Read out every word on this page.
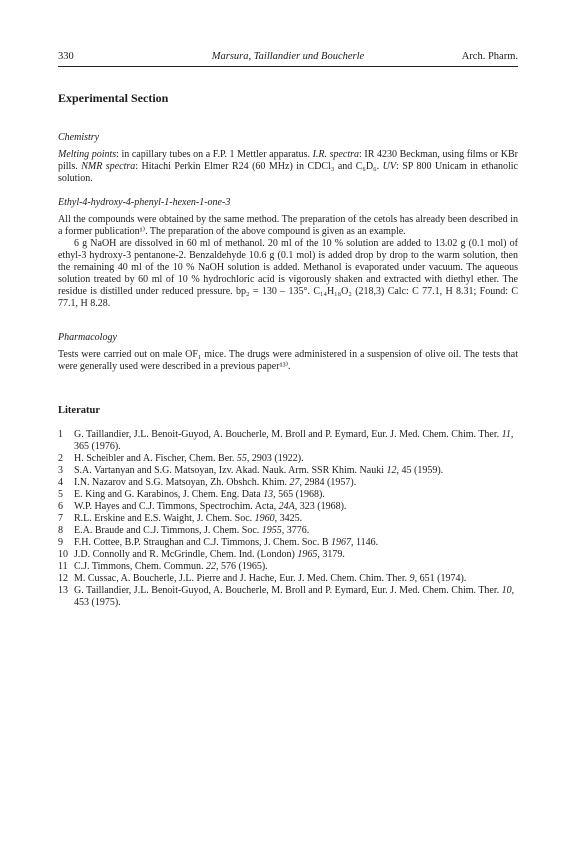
330	Marsura, Taillandier und Boucherle	Arch. Pharm.
Experimental Section

Chemistry

Melting points: in capillary tubes on a F.P. 1 Mettler apparatus. I.R. spectra: IR 4230 Beckman, using films or KBr pills. NMR spectra: Hitachi Perkin Elmer R24 (60 MHz) in CDCl₃ and C₆D₆. UV: SP 800 Unicam in ethanolic solution.

Ethyl-4-hydroxy-4-phenyl-1-hexen-1-one-3

All the compounds were obtained by the same method. The preparation of the cetols has already been described in a former publication¹⁾. The preparation of the above compound is given as an example.

6 g NaOH are dissolved in 60 ml of methanol. 20 ml of the 10 % solution are added to 13.02 g (0.1 mol) of ethyl-3 hydroxy-3 pentanone-2. Benzaldehyde 10.6 g (0.1 mol) is added drop by drop to the warm solution, then the remaining 40 ml of the 10 % NaOH solution is added. Methanol is evaporated under vacuum. The aqueous solution treated by 60 ml of 10 % hydrochloric acid is vigorously shaken and extracted with diethyl ether. The residue is distilled under reduced pressure. bp₂ = 130 – 135°. C₁₄H₁₈O₂ (218,3) Calc: C 77.1, H 8.31; Found: C 77.1, H 8.28.

Pharmacology

Tests were carried out on male OF₁ mice. The drugs were administered in a suspension of olive oil. The tests that were generally used were described in a previous paper¹³⁾.

Literatur
1	G. Taillandier, J.L. Benoit-Guyod, A. Boucherle, M. Broll and P. Eymard, Eur. J. Med. Chem. Chim. Ther. 11, 365 (1976).
2	H. Scheibler and A. Fischer, Chem. Ber. 55, 2903 (1922).
3	S.A. Vartanyan and S.G. Matsoyan, Izv. Akad. Nauk. Arm. SSR Khim. Nauki 12, 45 (1959).
4	I.N. Nazarov and S.G. Matsoyan, Zh. Obshch. Khim. 27, 2984 (1957).
5	E. King and G. Karabinos, J. Chem. Eng. Data 13, 565 (1968).
6	W.P. Hayes and C.J. Timmons, Spectrochim. Acta, 24A, 323 (1968).
7	R.L. Erskine and E.S. Waight, J. Chem. Soc. 1960, 3425.
8	E.A. Braude and C.J. Timmons, J. Chem. Soc. 1955, 3776.
9	F.H. Cottee, B.P. Straughan and C.J. Timmons, J. Chem. Soc. B 1967, 1146.
10 J.D. Connolly and R. McGrindle, Chem. Ind. (London) 1965, 3179.
11 C.J. Timmons, Chem. Commun. 22, 576 (1965).
12 M. Cussac, A. Boucherle, J.L. Pierre and J. Hache, Eur. J. Med. Chem. Chim. Ther. 9, 651 (1974).
13 G. Taillandier, J.L. Benoit-Guyod, A. Boucherle, M. Broll and P. Eymard, Eur. J. Med. Chem. Chim. Ther. 10, 453 (1975).
